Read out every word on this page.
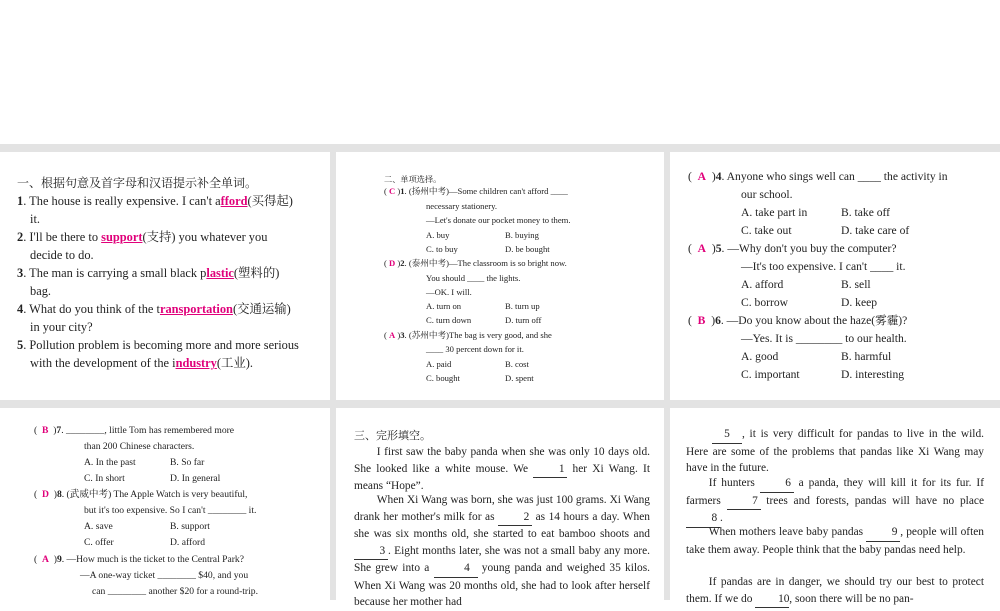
一、根据句意及首字母和汉语提示补全单词。
1. The house is really expensive. I can't afford(买得起)
it.
2. I'll be there to support(支持) you whatever you
decide to do.
3. The man is carrying a small black plastic(塑料的)
bag.
4. What do you think of the transportation(交通运输)
in your city?
5. Pollution problem is becoming more and more serious
with the development of the industry(工业).
二、单项选择。
( C )1. (扬州中考)—Some children can't afford ____
necessary stationery.
—Let's donate our pocket money to them.
A. buy	B. buying
C. to buy	D. be bought
( D )2. (泰州中考)—The classroom is so bright now.
You should ____ the lights.
—OK. I will.
A. turn on	B. turn up
C. turn down	D. turn off
( A )3. (苏州中考)The bag is very good, and she
____ 30 percent down for it.
A. paid	B. cost
C. bought	D. spent
(  A  )4. Anyone who sings well can ____ the activity in
our school.
A. take part in	B. take off
C. take out	D. take care of
(  A  )5. —Why don't you buy the computer?
—It's too expensive. I can't ____ it.
A. afford	B. sell
C. borrow	D. keep
(  B  )6. —Do you know about the haze(雾霾)?
—Yes. It is ________ to our health.
A. good	B. harmful
C. important	D. interesting
(  B  )7. ________, little Tom has remembered more
than 200 Chinese characters.
A. In the past	B. So far
C. In short	D. In general
(  D  )8. (武威中考) The Apple Watch is very beautiful,
but it's too expensive. So I can't ________ it.
A. save	B. support
C. offer	D. afford
(  A  )9. —How much is the ticket to the Central Park?
—A one-way ticket ________ $40, and you
can ________ another $20 for a round-trip.
三、完形填空。
I first saw the baby panda when she was only 10 days old. She looked like a white mouse. We 1 her Xi Wang. It means “Hope”.
When Xi Wang was born, she was just 100 grams. Xi Wang drank her mother's milk for as 2 as 14 hours a day. When she was six months old, she started to eat bamboo shoots and 3 . Eight months later, she was not a small baby any more. She grew into a	4 young panda and weighed 35 kilos. When Xi Wang was 20 months old, she had to look after herself because her mother had
5 , it is very difficult for pandas to live in the wild. Here are some of the problems that pandas like Xi Wang may have in the future.
If hunters 6 a panda, they will kill it for its fur. If farmers 7 trees and forests, pandas will have no place 8 .
When mothers leave baby pandas 9 , people will often take them away. People think that the baby pandas need help.
If pandas are in danger, we should try our best to protect them. If we do 10, soon there will be no pan-
